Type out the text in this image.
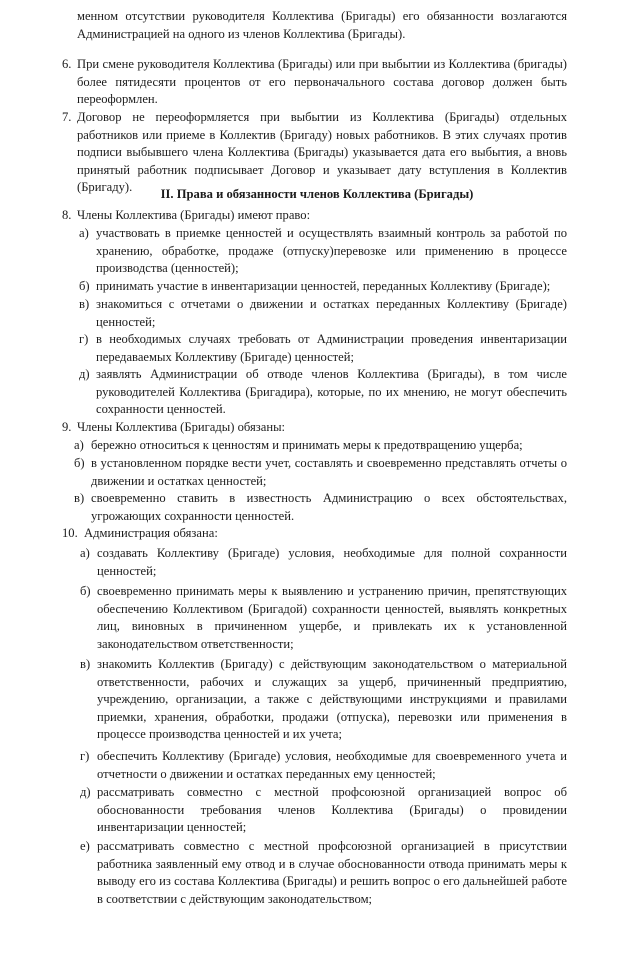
менном отсутствии руководителя Коллектива (Бригады) его обязанности возлагаются Администрацией на одного из членов Коллектива (Бригады).
6. При смене руководителя Коллектива (Бригады) или при выбытии из Коллектива (бригады) более пятидесяти процентов от его первоначального состава договор должен быть переоформлен.
7. Договор не переоформляется при выбытии из Коллектива (Бригады) отдельных работников или приеме в Коллектив (Бригаду) новых работников. В этих случаях против подписи выбывшего члена Коллектива (Бригады) указывается дата его выбытия, а вновь принятый работник подписывает Договор и указывает дату вступления в Коллектив (Бригаду).	II. Права и обязанности членов Коллектива (Бригады)
8. Члены Коллектива (Бригады) имеют право:
а) участвовать в приемке ценностей и осуществлять взаимный контроль за работой по хранению, обработке, продаже (отпуску)перевозке или применению в процессе производства (ценностей);
б) принимать участие в инвентаризации ценностей, переданных Коллективу (Бригаде);
в) знакомиться с отчетами о движении и остатках переданных Коллективу (Бригаде) ценностей;
г) в необходимых случаях требовать от Администрации проведения инвентаризации передаваемых Коллективу (Бригаде) ценностей;
д) заявлять Администрации об отводе членов Коллектива (Бригады), в том числе руководителей Коллектива (Бригадира), которые, по их мнению, не могут обеспечить сохранности ценностей.
9. Члены Коллектива (Бригады) обязаны:
а) бережно относиться к ценностям и принимать меры к предотвращению ущерба;
б) в установленном порядке вести учет, составлять и своевременно представлять отчеты о движении и остатках ценностей;
в) своевременно ставить в известность Администрацию о всех обстоятельствах, угрожающих сохранности ценностей.
10. Администрация обязана:
а) создавать Коллективу (Бригаде) условия, необходимые для полной сохранности ценностей;
б) своевременно принимать меры к выявлению и устранению причин, препятствующих обеспечению Коллективом (Бригадой) сохранности ценностей, выявлять конкретных лиц, виновных в причиненном ущербе, и привлекать их к установленной законодательством ответственности;
в) знакомить Коллектив (Бригаду) с действующим законодательством о материальной ответственности, рабочих и служащих за ущерб, причиненный предприятию, учреждению, организации, а также с действующими инструкциями и правилами приемки, хранения, обработки, продажи (отпуска), перевозки или применения в процессе производства ценностей и их учета;
г) обеспечить Коллективу (Бригаде) условия, необходимые для своевременного учета и отчетности о движении и остатках переданных ему ценностей;
д) рассматривать совместно с местной профсоюзной организацией вопрос об обоснованности требования членов Коллектива (Бригады) о провидении инвентаризации ценностей;
е) рассматривать совместно с местной профсоюзной организацией в присутствии работника заявленный ему отвод и в случае обоснованности отвода принимать меры к выводу его из состава Коллектива (Бригады) и решить вопрос о его дальнейшей работе в соответствии с действующим законодательством;
